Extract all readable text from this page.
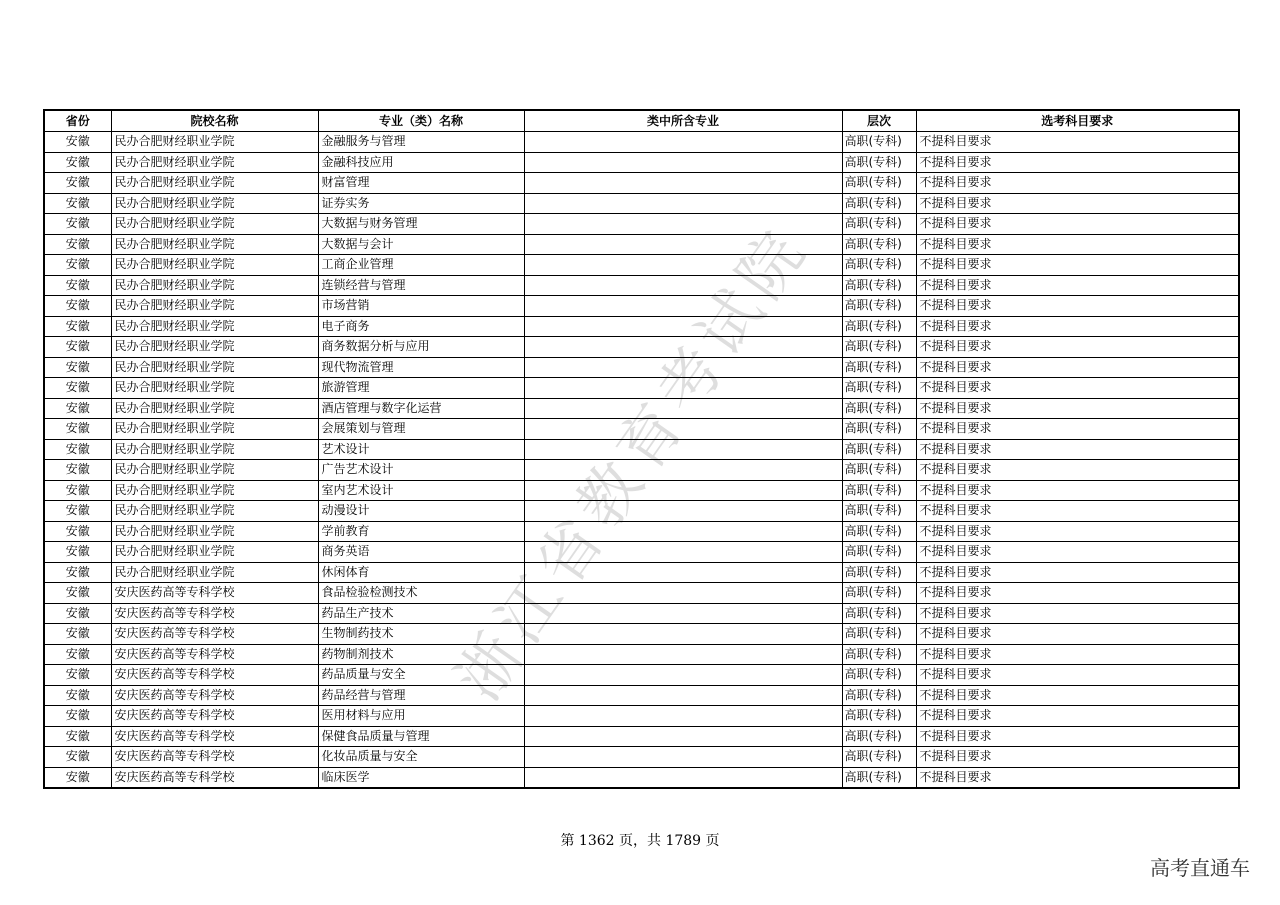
省份	院校名称	专业（类）名称	类中所含专业	层次	选考科目要求
安徽	民办合肥财经职业学院	金融服务与管理		高职(专科)	不提科目要求
安徽	民办合肥财经职业学院	金融科技应用		高职(专科)	不提科目要求
安徽	民办合肥财经职业学院	财富管理		高职(专科)	不提科目要求
安徽	民办合肥财经职业学院	证券实务		高职(专科)	不提科目要求
安徽	民办合肥财经职业学院	大数据与财务管理		高职(专科)	不提科目要求
安徽	民办合肥财经职业学院	大数据与会计		高职(专科)	不提科目要求
安徽	民办合肥财经职业学院	工商企业管理		高职(专科)	不提科目要求
安徽	民办合肥财经职业学院	连锁经营与管理		高职(专科)	不提科目要求
安徽	民办合肥财经职业学院	市场营销		高职(专科)	不提科目要求
安徽	民办合肥财经职业学院	电子商务		高职(专科)	不提科目要求
安徽	民办合肥财经职业学院	商务数据分析与应用		高职(专科)	不提科目要求
安徽	民办合肥财经职业学院	现代物流管理		高职(专科)	不提科目要求
安徽	民办合肥财经职业学院	旅游管理		高职(专科)	不提科目要求
安徽	民办合肥财经职业学院	酒店管理与数字化运营		高职(专科)	不提科目要求
安徽	民办合肥财经职业学院	会展策划与管理		高职(专科)	不提科目要求
安徽	民办合肥财经职业学院	艺术设计		高职(专科)	不提科目要求
安徽	民办合肥财经职业学院	广告艺术设计		高职(专科)	不提科目要求
安徽	民办合肥财经职业学院	室内艺术设计		高职(专科)	不提科目要求
安徽	民办合肥财经职业学院	动漫设计		高职(专科)	不提科目要求
安徽	民办合肥财经职业学院	学前教育		高职(专科)	不提科目要求
安徽	民办合肥财经职业学院	商务英语		高职(专科)	不提科目要求
安徽	民办合肥财经职业学院	休闲体育		高职(专科)	不提科目要求
安徽	安庆医药高等专科学校	食品检验检测技术		高职(专科)	不提科目要求
安徽	安庆医药高等专科学校	药品生产技术		高职(专科)	不提科目要求
安徽	安庆医药高等专科学校	生物制药技术		高职(专科)	不提科目要求
安徽	安庆医药高等专科学校	药物制剂技术		高职(专科)	不提科目要求
安徽	安庆医药高等专科学校	药品质量与安全		高职(专科)	不提科目要求
安徽	安庆医药高等专科学校	药品经营与管理		高职(专科)	不提科目要求
安徽	安庆医药高等专科学校	医用材料与应用		高职(专科)	不提科目要求
安徽	安庆医药高等专科学校	保健食品质量与管理		高职(专科)	不提科目要求
安徽	安庆医药高等专科学校	化妆品质量与安全		高职(专科)	不提科目要求
安徽	安庆医药高等专科学校	临床医学		高职(专科)	不提科目要求
浙江省教育考试院
第 1362 页，共 1789 页
高考直通车
